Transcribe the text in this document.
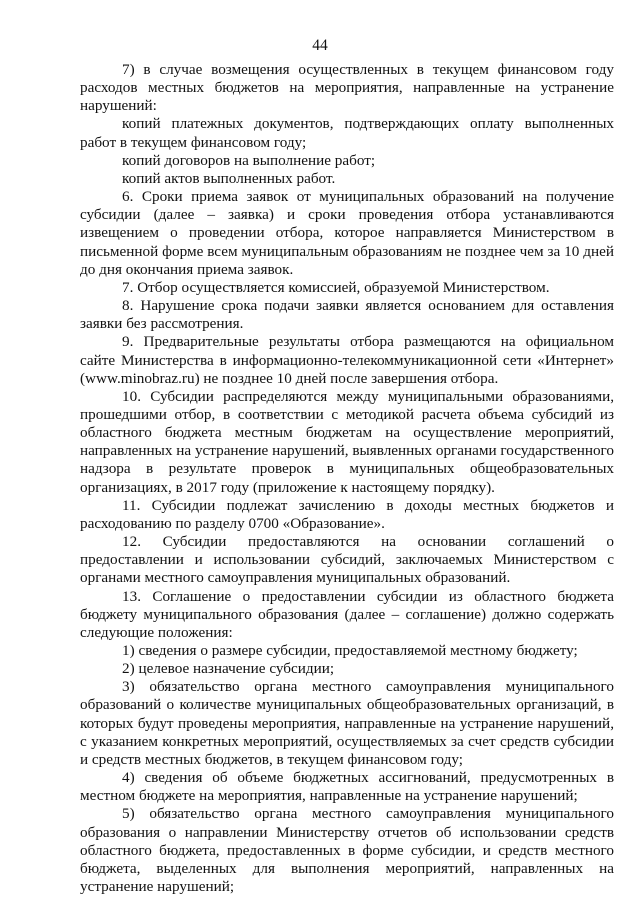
44

7) в случае возмещения осуществленных в текущем финансовом году расходов местных бюджетов на мероприятия, направленные на устранение нарушений:

копий платежных документов, подтверждающих оплату выполненных работ в текущем финансовом году;

копий договоров на выполнение работ;

копий актов выполненных работ.

6. Сроки приема заявок от муниципальных образований на получение субсидии (далее – заявка) и сроки проведения отбора устанавливаются извещением о проведении отбора, которое направляется Министерством в письменной форме всем муниципальным образованиям не позднее чем за 10 дней до дня окончания приема заявок.

7. Отбор осуществляется комиссией, образуемой Министерством.

8. Нарушение срока подачи заявки является основанием для оставления заявки без рассмотрения.

9. Предварительные результаты отбора размещаются на официальном сайте Министерства в информационно-телекоммуникационной сети «Интернет» (www.minobraz.ru) не позднее 10 дней после завершения отбора.

10. Субсидии распределяются между муниципальными образованиями, прошедшими отбор, в соответствии с методикой расчета объема субсидий из областного бюджета местным бюджетам на осуществление мероприятий, направленных на устранение нарушений, выявленных органами государственного надзора в результате проверок в муниципальных общеобразовательных организациях, в 2017 году (приложение к настоящему порядку).

11. Субсидии подлежат зачислению в доходы местных бюджетов и расходованию по разделу 0700 «Образование».

12. Субсидии предоставляются на основании соглашений о предоставлении и использовании субсидий, заключаемых Министерством с органами местного самоуправления муниципальных образований.

13. Соглашение о предоставлении субсидии из областного бюджета бюджету муниципального образования (далее – соглашение) должно содержать следующие положения:

1) сведения о размере субсидии, предоставляемой местному бюджету;

2) целевое назначение субсидии;

3) обязательство органа местного самоуправления муниципального образований о количестве муниципальных общеобразовательных организаций, в которых будут проведены мероприятия, направленные на устранение нарушений, с указанием конкретных мероприятий, осуществляемых за счет средств субсидии и средств местных бюджетов, в текущем финансовом году;

4) сведения об объеме бюджетных ассигнований, предусмотренных в местном бюджете на мероприятия, направленные на устранение нарушений;

5) обязательство органа местного самоуправления муниципального образования о направлении Министерству отчетов об использовании средств областного бюджета, предоставленных в форме субсидии, и средств местного бюджета, выделенных для выполнения мероприятий, направленных на устранение нарушений;
